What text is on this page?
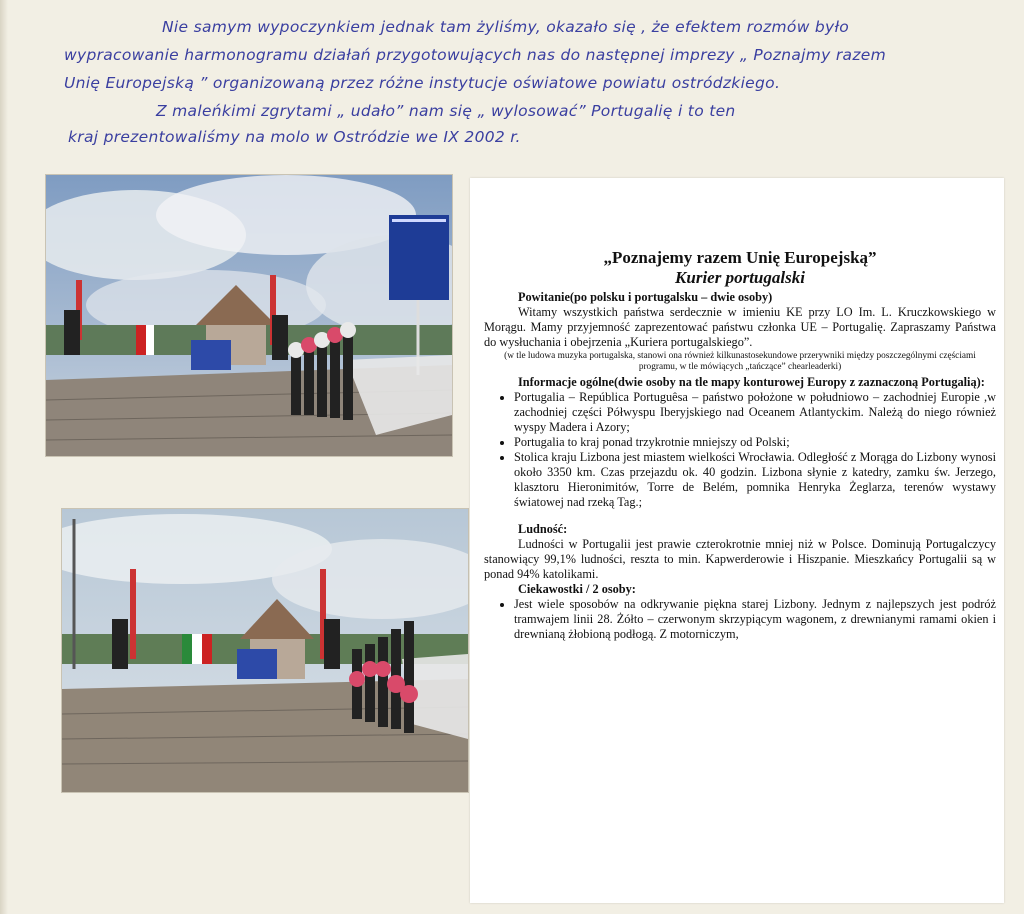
Nie samym wypoczynkiem jednak tam żyliśmy, okazało się , że efektem rozmów było
wypracowanie harmonogramu działań przygotowujących nas do następnej imprezy „ Poznajmy razem
Unię Europejską ” organizowaną przez różne instytucje oświatowe powiatu ostródzkiego.
Z maleńkimi zgrytami „ udało” nam się „ wylosować” Portugalię i to ten
kraj prezentowaliśmy na molo w Ostródzie we IX 2002 r.
„Poznajemy razem Unię Europejską”
Kurier portugalski
Powitanie(po polsku i portugalsku – dwie osoby)
Witamy wszystkich państwa serdecznie w imieniu KE przy LO Im. L. Kruczkowskiego w Morągu. Mamy przyjemność zaprezentować państwu członka UE – Portugalię. Zapraszamy Państwa do wysłuchania i obejrzenia „Kuriera portugalskiego”.
(w tle ludowa muzyka portugalska, stanowi ona również kilkunastosekundowe przerywniki między poszczególnymi częściami programu, w tle mówiących „tańczące” chearleaderki)
Informacje ogólne(dwie osoby na tle mapy konturowej Europy z zaznaczoną Portugalią):
• Portugalia – República Portuguêsa – państwo położone w południowo – zachodniej Europie ,w zachodniej części Półwyspu Iberyjskiego nad Oceanem Atlantyckim. Należą do niego również wyspy Madera i Azory;
• Portugalia to kraj ponad trzykrotnie mniejszy od Polski;
• Stolica kraju Lizbona jest miastem wielkości Wrocławia. Odległość z Morąga do Lizbony wynosi około 3350 km. Czas przejazdu ok. 40 godzin. Lizbona słynie z katedry, zamku św. Jerzego, klasztoru Hieronimitów, Torre de Belém, pomnika Henryka Żeglarza, terenów wystawy światowej nad rzeką Tag.;
Ludność:
Ludności w Portugalii jest prawie czterokrotnie mniej niż w Polsce. Dominują Portugalczycy stanowiący 99,1% ludności, reszta to min. Kapwerderowie i Hiszpanie. Mieszkańcy Portugalii są w ponad 94% katolikami.
Ciekawostki / 2 osoby:
• Jest wiele sposobów na odkrywanie piękna starej Lizbony. Jednym z najlepszych jest podróż tramwajem linii 28. Żółto – czerwonym skrzypiącym wagonem, z drewnianymi ramami okien i drewnianą żłobioną podłogą. Z motorniczym,
